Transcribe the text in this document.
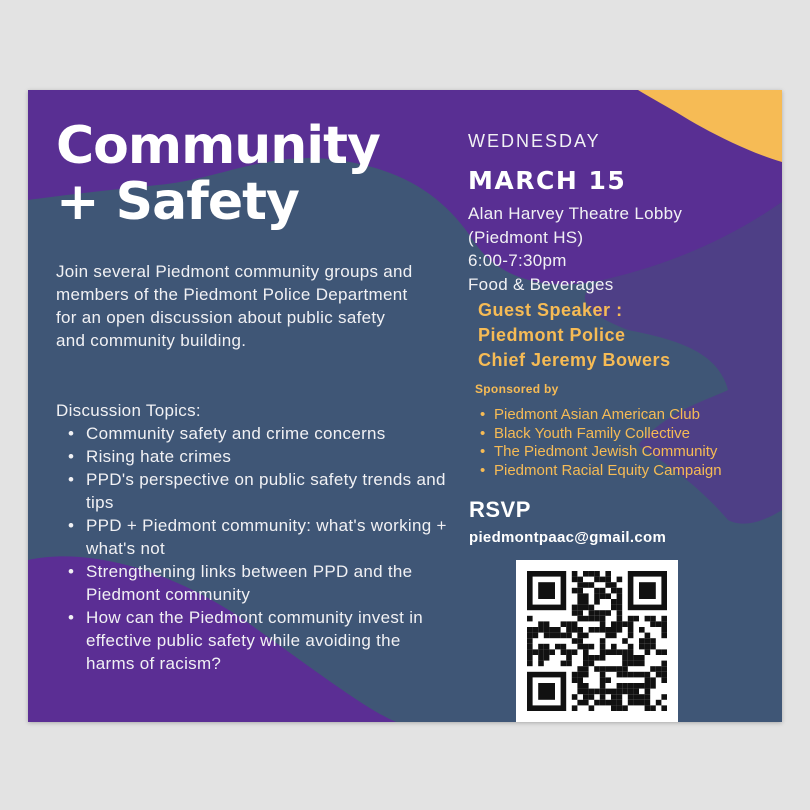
Community
+ Safety

Join several Piedmont community groups and members of the Piedmont Police Department for an open discussion about public safety and community building.

Discussion Topics:

• Community safety and crime concerns
• Rising hate crimes
• PPD's perspective on public safety trends and tips
• PPD + Piedmont community: what's working + what's not
• Strengthening links between PPD and the Piedmont community
• How can the Piedmont community invest in effective public safety while avoiding the harms of racism?

WEDNESDAY

MARCH 15

Alan Harvey Theatre Lobby
(Piedmont HS)
6:00-7:30pm
Food & Beverages
Guest Speaker :
Piedmont Police
Chief Jeremy Bowers

Sponsored by

• Piedmont Asian American Club
• Black Youth Family Collective
• The Piedmont Jewish Community
• Piedmont Racial Equity Campaign

RSVP

piedmontpaac@gmail.com
